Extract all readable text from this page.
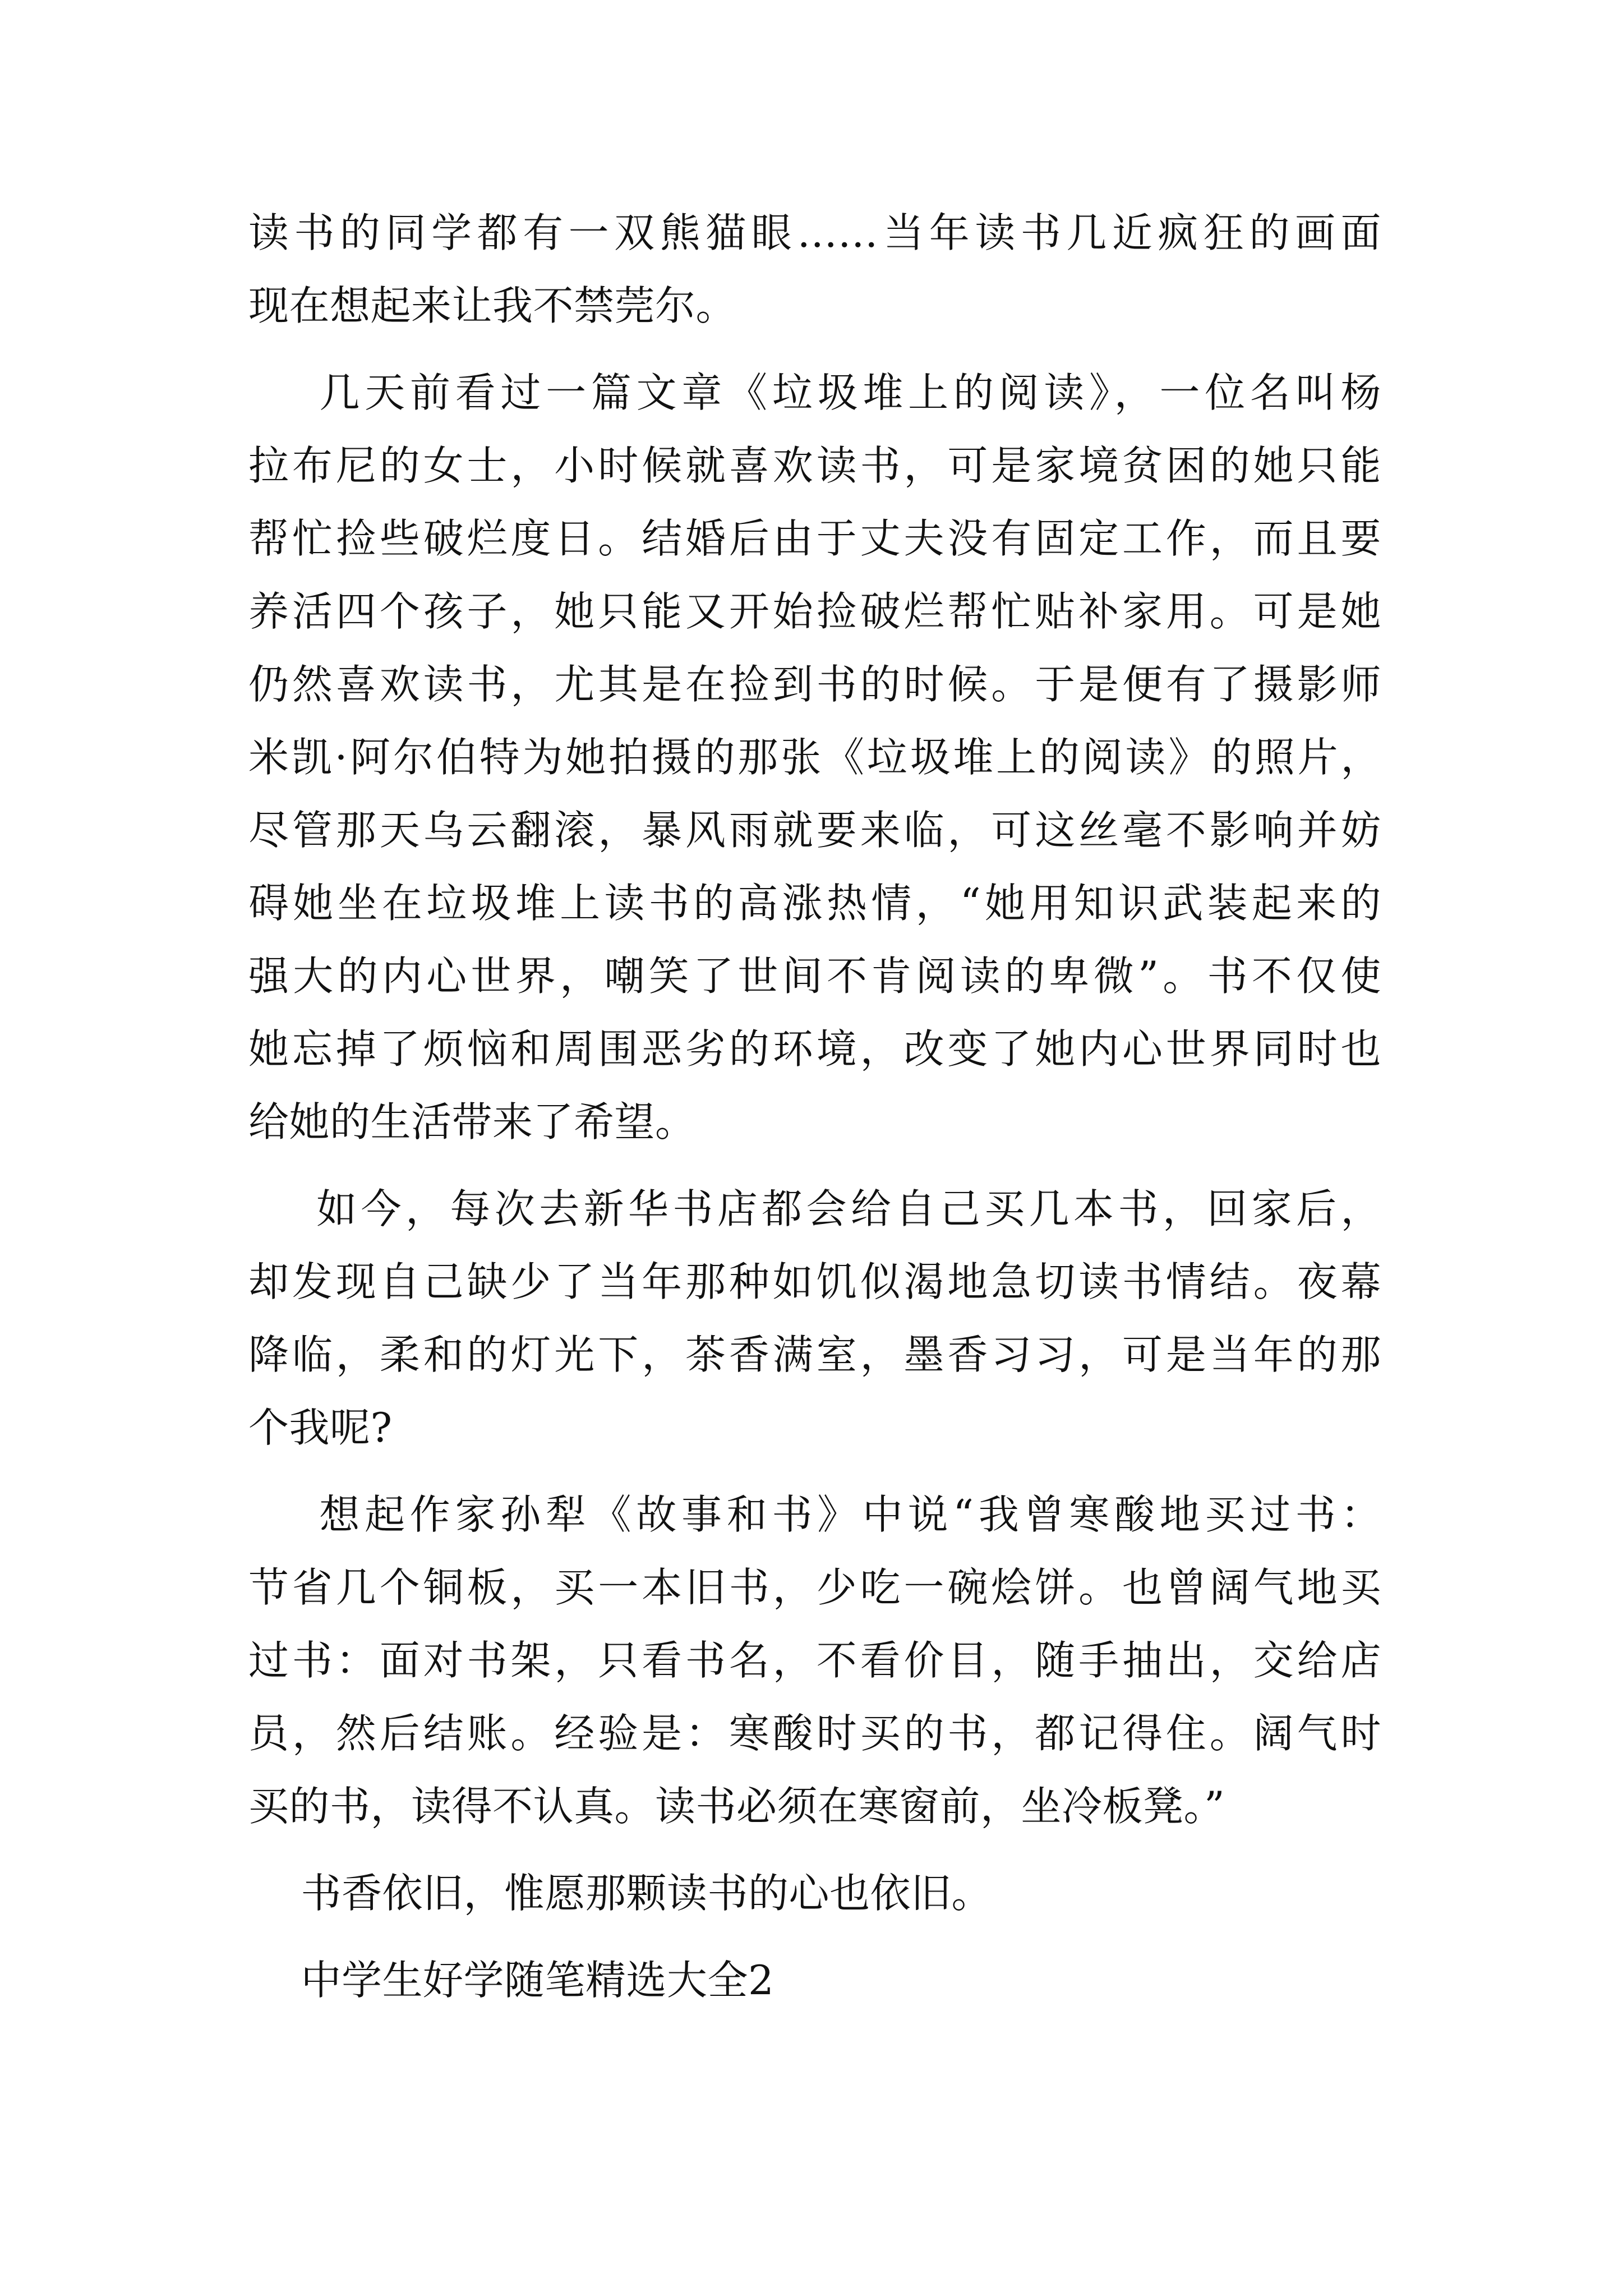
读书的同学都有一双熊猫眼……当年读书几近疯狂的画面
现在想起来让我不禁莞尔。
几天前看过一篇文章《垃圾堆上的阅读》，一位名叫杨
拉布尼的女士，小时候就喜欢读书，可是家境贫困的她只能
帮忙捡些破烂度日。结婚后由于丈夫没有固定工作，而且要
养活四个孩子，她只能又开始捡破烂帮忙贴补家用。可是她
仍然喜欢读书，尤其是在捡到书的时候。于是便有了摄影师
米凯·阿尔伯特为她拍摄的那张《垃圾堆上的阅读》的照片，
尽管那天乌云翻滚，暴风雨就要来临，可这丝毫不影响并妨
碍她坐在垃圾堆上读书的高涨热情，“她用知识武装起来的
强大的内心世界，嘲笑了世间不肯阅读的卑微”。书不仅使
她忘掉了烦恼和周围恶劣的环境，改变了她内心世界同时也
给她的生活带来了希望。
如今，每次去新华书店都会给自己买几本书，回家后，
却发现自己缺少了当年那种如饥似渴地急切读书情结。夜幕
降临，柔和的灯光下，茶香满室，墨香习习，可是当年的那
个我呢?
想起作家孙犁《故事和书》中说“我曾寒酸地买过书：
节省几个铜板，买一本旧书，少吃一碗烩饼。也曾阔气地买
过书：面对书架，只看书名，不看价目，随手抽出，交给店
员，然后结账。经验是：寒酸时买的书，都记得住。阔气时
买的书，读得不认真。读书必须在寒窗前，坐冷板凳。”
书香依旧，惟愿那颗读书的心也依旧。
中学生好学随笔精选大全2
